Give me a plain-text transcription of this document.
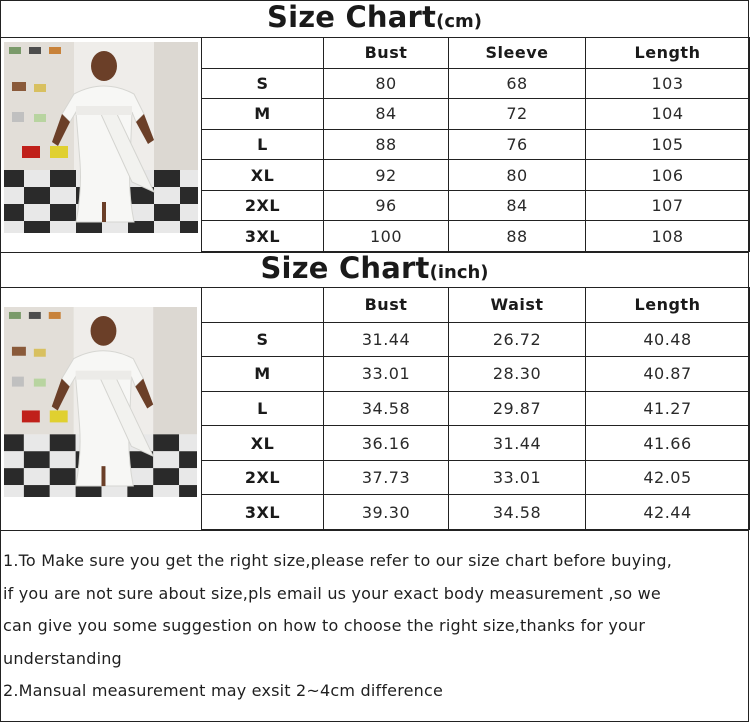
Size Chart(cm)
	Bust	Sleeve	Length
S	80	68	103
M	84	72	104
L	88	76	105
XL	92	80	106
2XL	96	84	107
3XL	100	88	108
Size Chart(inch)
	Bust	Waist	Length
S	31.44	26.72	40.48
M	33.01	28.30	40.87
L	34.58	29.87	41.27
XL	36.16	31.44	41.66
2XL	37.73	33.01	42.05
3XL	39.30	34.58	42.44

1.To Make sure you get the right size,please refer to our size chart before buying,

if you are not sure about size,pls email us your exact body measurement ,so we

can give you some suggestion on how to choose the right size,thanks for your

understanding

2.Mansual measurement may exsit 2~4cm difference
